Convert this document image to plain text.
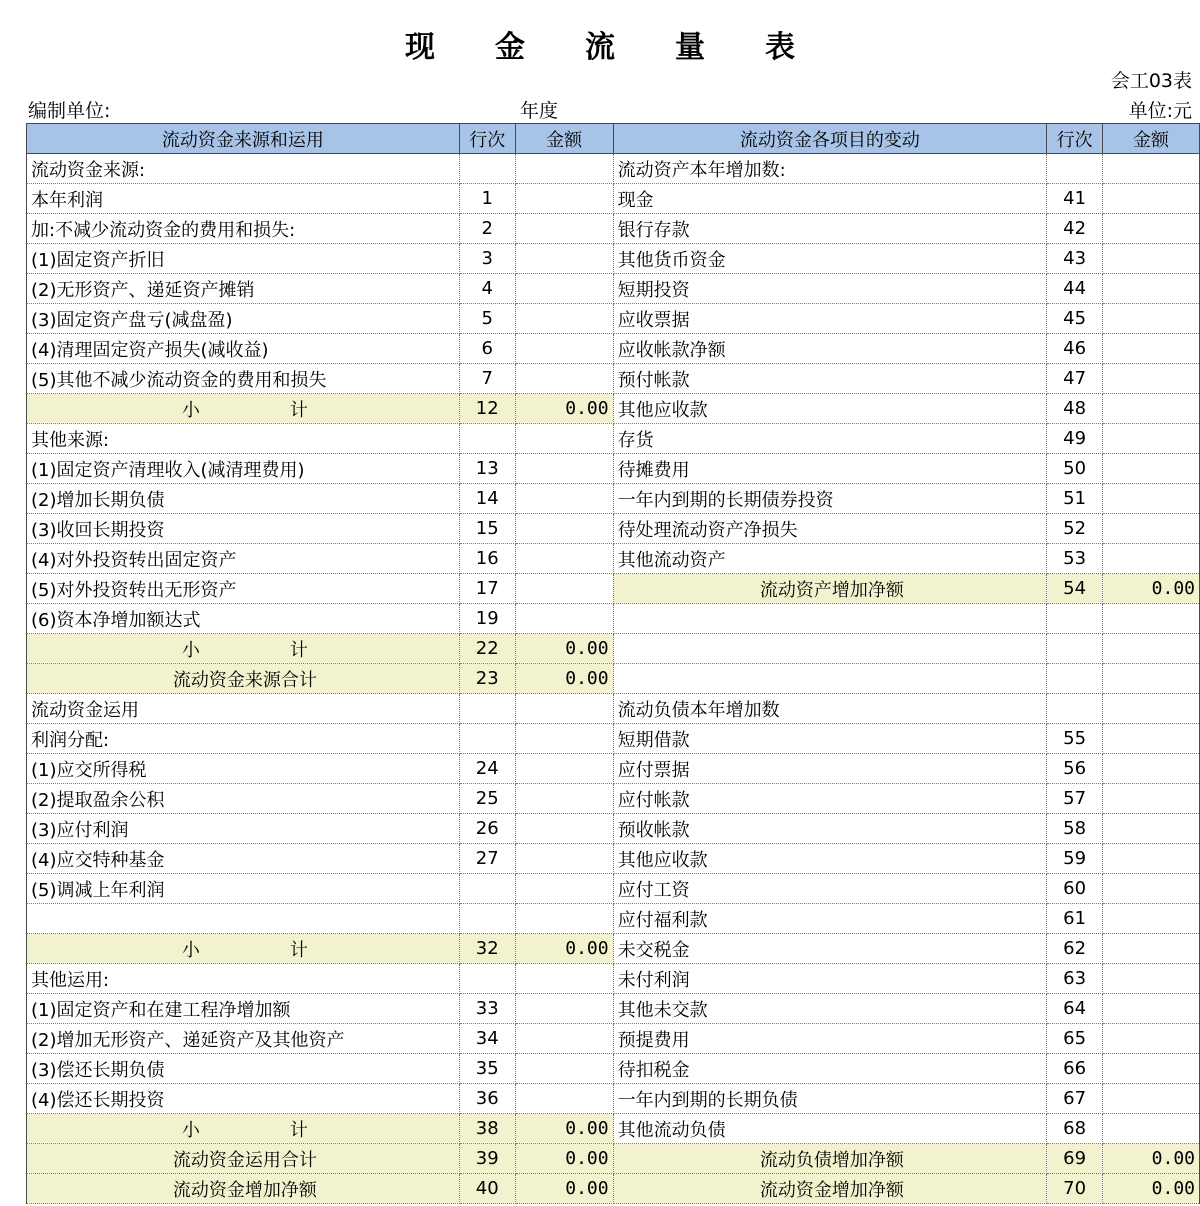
现 金 流 量 表
会工03表
编制单位:	年度	单位:元
流动资金来源和运用	行次	金额	流动资金各项目的变动	行次	金额
流动资金来源:			流动资产本年增加数:		
本年利润	1		现金	41	
加:不减少流动资金的费用和损失:	2		银行存款	42	
(1)固定资产折旧	3		其他货币资金	43	
(2)无形资产、递延资产摊销	4		短期投资	44	
(3)固定资产盘亏(减盘盈)	5		应收票据	45	
(4)清理固定资产损失(减收益)	6		应收帐款净额	46	
(5)其他不减少流动资金的费用和损失	7		预付帐款	47	
小　　　　　计	12	0.00	其他应收款	48	
其他来源:			存货	49	
(1)固定资产清理收入(减清理费用)	13		待摊费用	50	
(2)增加长期负债	14		一年内到期的长期债券投资	51	
(3)收回长期投资	15		待处理流动资产净损失	52	
(4)对外投资转出固定资产	16		其他流动资产	53	
(5)对外投资转出无形资产	17		流动资产增加净额	54	0.00
(6)资本净增加额达式	19				
小　　　　　计	22	0.00			
流动资金来源合计	23	0.00			
流动资金运用			流动负债本年增加数		
利润分配:			短期借款	55	
(1)应交所得税	24		应付票据	56	
(2)提取盈余公积	25		应付帐款	57	
(3)应付利润	26		预收帐款	58	
(4)应交特种基金	27		其他应收款	59	
(5)调减上年利润			应付工资	60	
			应付福利款	61	
小　　　　　计	32	0.00	未交税金	62	
其他运用:			未付利润	63	
(1)固定资产和在建工程净增加额	33		其他未交款	64	
(2)增加无形资产、递延资产及其他资产	34		预提费用	65	
(3)偿还长期负债	35		待扣税金	66	
(4)偿还长期投资	36		一年内到期的长期负债	67	
小　　　　　计	38	0.00	其他流动负债	68	
流动资金运用合计	39	0.00	流动负债增加净额	69	0.00
流动资金增加净额	40	0.00	流动资金增加净额	70	0.00
